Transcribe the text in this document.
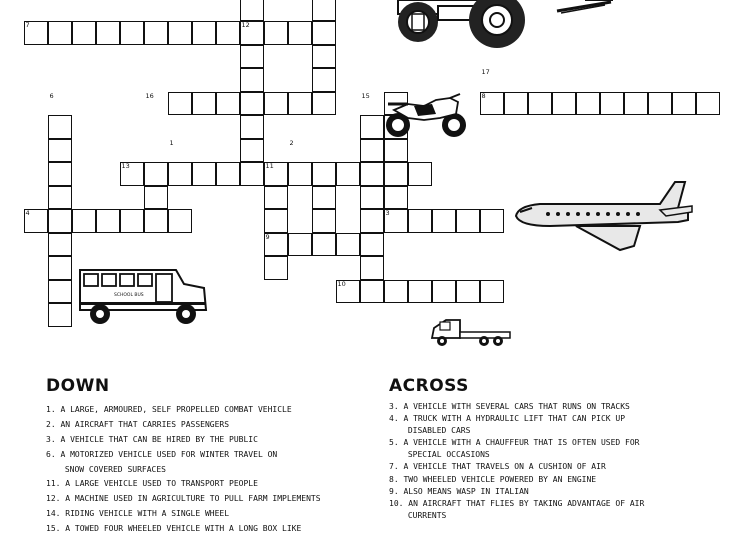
1	2
3
4
6
7
8
9
10
11
12
13
15
16
17
SCHOOL BUS
DOWN
1. A LARGE, ARMOURED, SELF PROPELLED COMBAT VEHICLE
2. AN AIRCRAFT THAT CARRIES PASSENGERS
3. A VEHICLE THAT CAN BE HIRED BY THE PUBLIC
6. A MOTORIZED VEHICLE USED FOR WINTER TRAVEL ON
SNOW COVERED SURFACES
11. A LARGE VEHICLE USED TO TRANSPORT PEOPLE
12. A MACHINE USED IN AGRICULTURE TO PULL FARM IMPLEMENTS
14. RIDING VEHICLE WITH A SINGLE WHEEL
15. A TOWED FOUR WHEELED VEHICLE WITH A LONG BOX LIKE
ACROSS
3. A VEHICLE WITH SEVERAL CARS THAT RUNS ON TRACKS
4. A TRUCK WITH A HYDRAULIC LIFT THAT CAN PICK UP
DISABLED CARS
5. A VEHICLE WITH A CHAUFFEUR THAT IS OFTEN USED FOR
SPECIAL OCCASIONS
7. A VEHICLE THAT TRAVELS ON A CUSHION OF AIR
8. TWO WHEELED VEHICLE POWERED BY AN ENGINE
9. ALSO MEANS WASP IN ITALIAN
10. AN AIRCRAFT THAT FLIES BY TAKING ADVANTAGE OF AIR
CURRENTS
